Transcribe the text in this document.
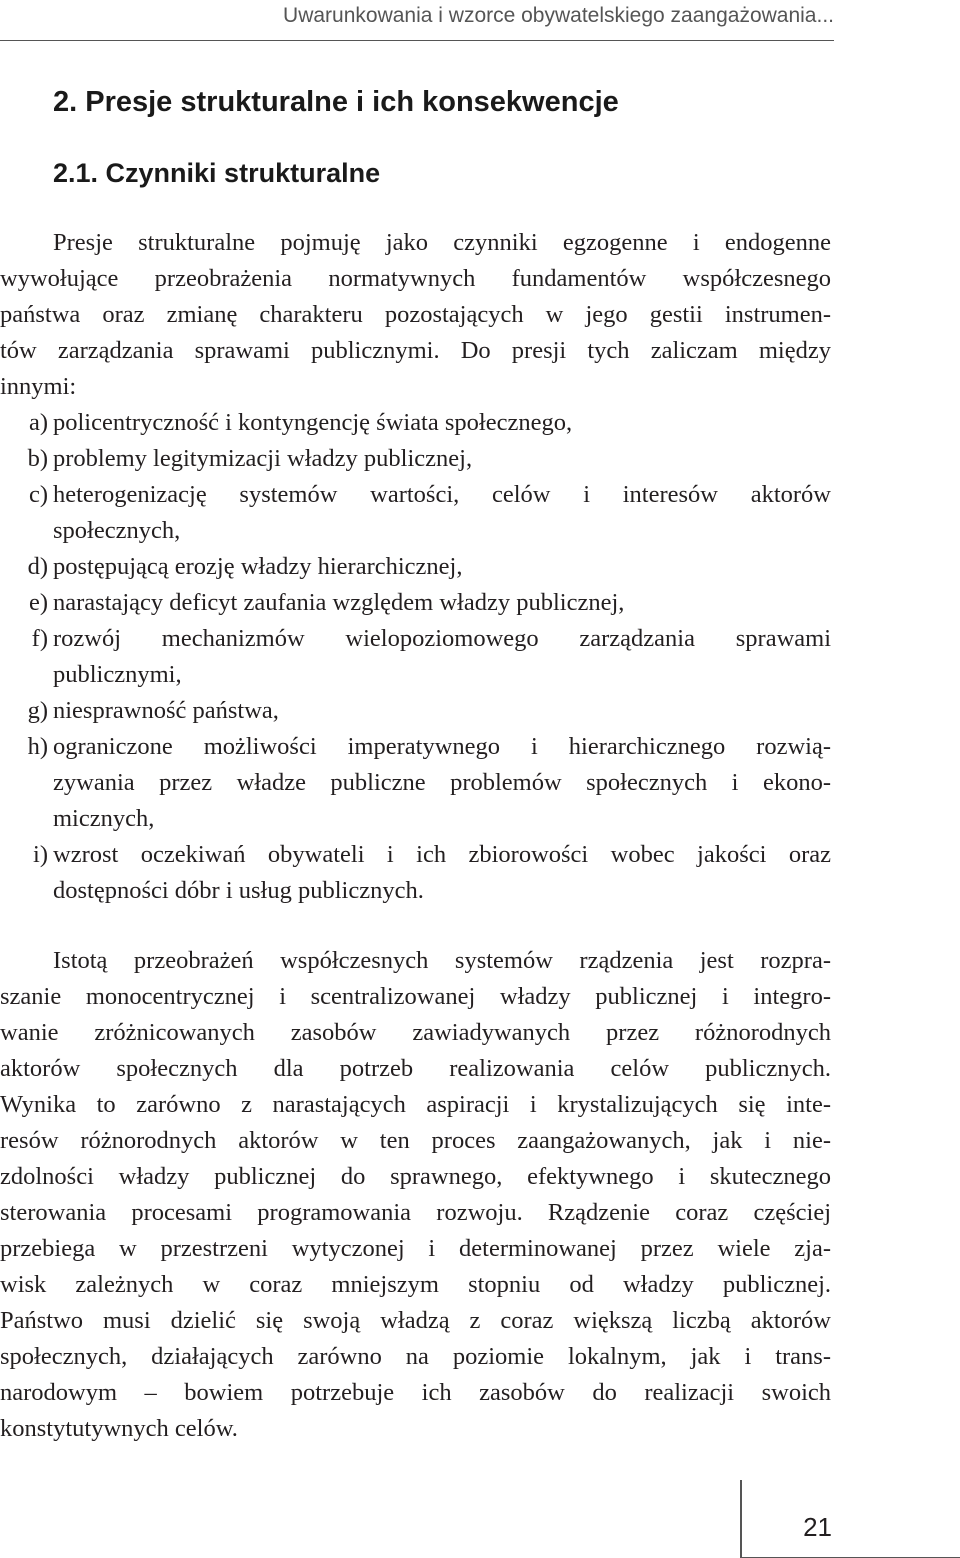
Uwarunkowania i wzorce obywatelskiego zaangażowania...
2. Presje strukturalne i ich konsekwencje
2.1. Czynniki strukturalne

Presje strukturalne pojmuję jako czynniki egzogenne i endogenne
wywołujące przeobrażenia normatywnych fundamentów współczesnego
państwa oraz zmianę charakteru pozostających w jego gestii instrumen-
tów zarządzania sprawami publicznymi. Do presji tych zaliczam między
innymi:

a) policentryczność i kontyngencję świata społecznego,
b) problemy legitymizacji władzy publicznej,
c) heterogenizację systemów wartości, celów i interesów aktorów
społecznych,
d) postępującą erozję władzy hierarchicznej,
e) narastający deficyt zaufania względem władzy publicznej,
f) rozwój mechanizmów wielopoziomowego zarządzania sprawami
publicznymi,
g) niesprawność państwa,
h) ograniczone możliwości imperatywnego i hierarchicznego rozwią-
zywania przez władze publiczne problemów społecznych i ekono-
micznych,
i) wzrost oczekiwań obywateli i ich zbiorowości wobec jakości oraz
dostępności dóbr i usług publicznych.

Istotą przeobrażeń współczesnych systemów rządzenia jest rozpra-
szanie monocentrycznej i scentralizowanej władzy publicznej i integro-
wanie zróżnicowanych zasobów zawiadywanych przez różnorodnych
aktorów społecznych dla potrzeb realizowania celów publicznych.
Wynika to zarówno z narastających aspiracji i krystalizujących się inte-
resów różnorodnych aktorów w ten proces zaangażowanych, jak i nie-
zdolności władzy publicznej do sprawnego, efektywnego i skutecznego
sterowania procesami programowania rozwoju. Rządzenie coraz częściej
przebiega w przestrzeni wytyczonej i determinowanej przez wiele zja-
wisk zależnych w coraz mniejszym stopniu od władzy publicznej.
Państwo musi dzielić się swoją władzą z coraz większą liczbą aktorów
społecznych, działających zarówno na poziomie lokalnym, jak i trans-
narodowym – bowiem potrzebuje ich zasobów do realizacji swoich
konstytutywnych celów.

21
